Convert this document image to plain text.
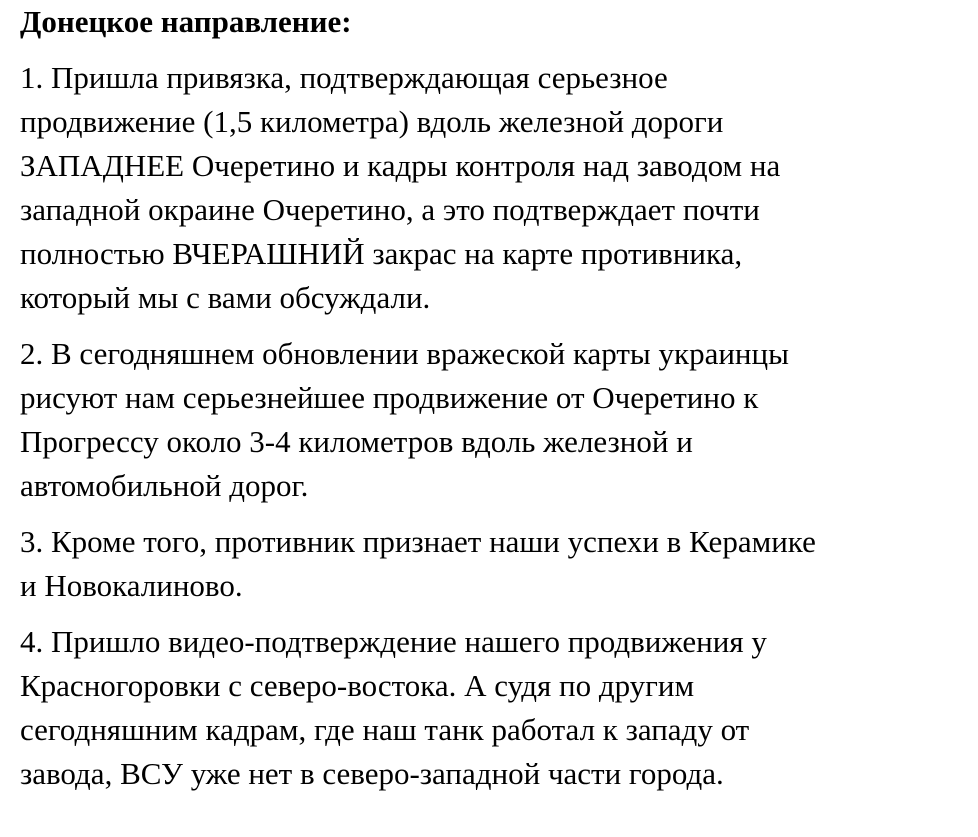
Донецкое направление:

1. Пришла привязка, подтверждающая серьезное
продвижение (1,5 километра) вдоль железной дороги
ЗАПАДНЕЕ Очеретино и кадры контроля над заводом на
западной окраине Очеретино, а это подтверждает почти
полностью ВЧЕРАШНИЙ закрас на карте противника,
который мы с вами обсуждали.
2. В сегодняшнем обновлении вражеской карты украинцы
рисуют нам серьезнейшее продвижение от Очеретино к
Прогрессу около 3-4 километров вдоль железной и
автомобильной дорог.
3. Кроме того, противник признает наши успехи в Керамике
и Новокалиново.
4. Пришло видео-подтверждение нашего продвижения у
Красногоровки с северо-востока. А судя по другим
сегодняшним кадрам, где наш танк работал к западу от
завода, ВСУ уже нет в северо-западной части города.
